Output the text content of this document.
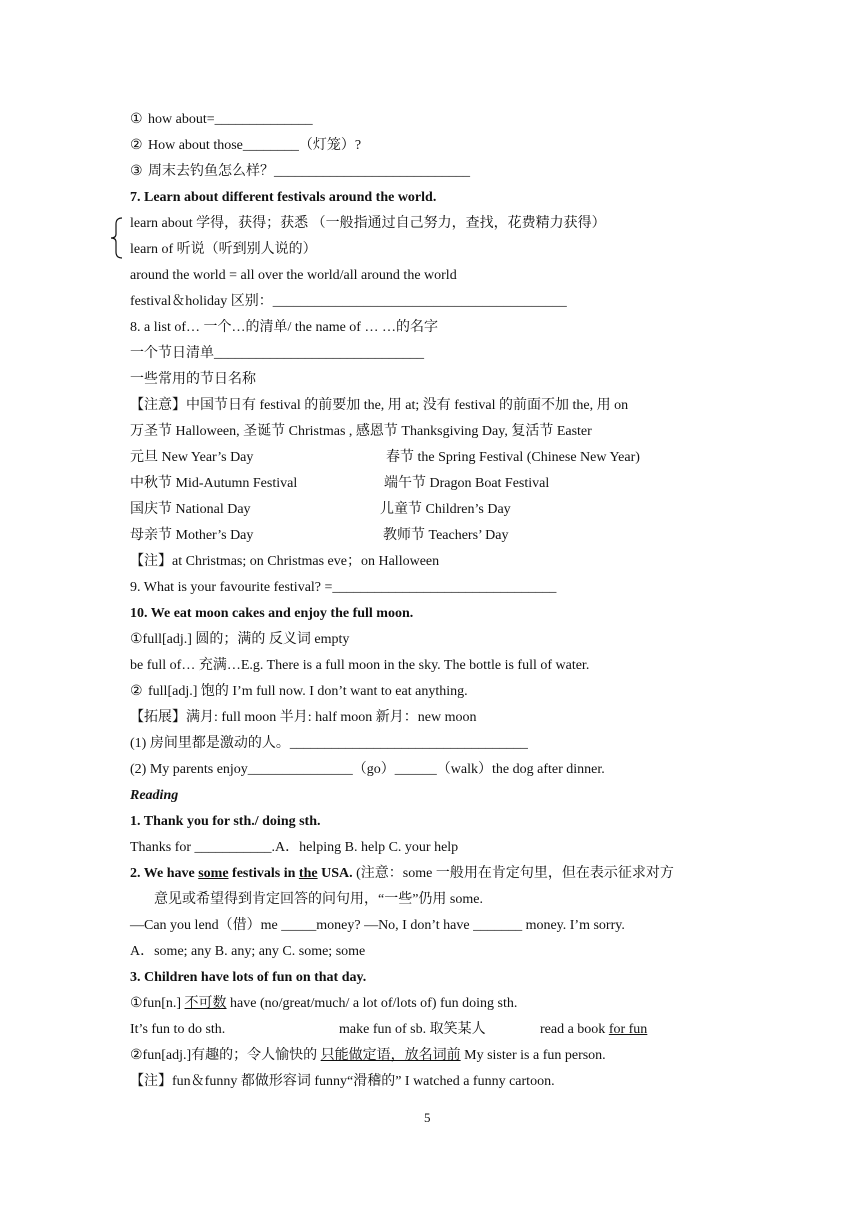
① how about=______________
② How about those________（灯笼）?
③ 周末去钓鱼怎么样？____________________________
7. Learn about different festivals around the world.
learn about 学得，获得；获悉 （一般指通过自己努力，查找，花费精力获得）
learn of 听说（听到别人说的）
around the world = all over the world/all around the world
festival＆holiday 区别：__________________________________________
8. a list of… 一个…的清单/ the name of … …的名字
一个节日清单______________________________
一些常用的节日名称
【注意】中国节日有 festival 的前要加 the, 用 at; 没有 festival 的前面不加 the, 用 on
万圣节 Halloween, 圣诞节 Christmas , 感恩节 Thanksgiving Day, 复活节 Easter
元旦 New Year’s Day	春节 the Spring Festival (Chinese New Year)
中秋节 Mid-Autumn Festival	端午节 Dragon Boat Festival
国庆节 National Day	儿童节 Children’s Day
母亲节 Mother’s Day	教师节 Teachers’ Day
【注】at Christmas; on Christmas eve；on Halloween
9. What is your favourite festival? =________________________________
10. We eat moon cakes and enjoy the full moon.
①full[adj.] 圆的；满的 反义词 empty
be full of… 充满…E.g. There is a full moon in the sky. The bottle is full of water.
② full[adj.] 饱的 I’m full now. I don’t want to eat anything.
【拓展】满月: full moon 半月: half moon 新月：new moon
(1) 房间里都是激动的人。__________________________________
(2) My parents enjoy_______________（go）______（walk）the dog after dinner.
Reading
1. Thank you for sth./ doing sth.
Thanks for ___________.A．helping B. help C. your help
2. We have some festivals in the USA. (注意：some 一般用在肯定句里，但在表示征求对方
意见或希望得到肯定回答的问句用，“一些”仍用 some.
—Can you lend（借）me _____money? —No, I don’t have _______ money. I’m sorry.
A．some; any B. any; any C. some; some
3. Children have lots of fun on that day.
①fun[n.] 不可数 have (no/great/much/ a lot of/lots of) fun doing sth.
It’s fun to do sth.	make fun of sb. 取笑某人	read a book for fun
②fun[adj.]有趣的；令人愉快的 只能做定语，放名词前 My sister is a fun person.
【注】fun＆funny 都做形容词 funny“滑稽的” I watched a funny cartoon.
5
